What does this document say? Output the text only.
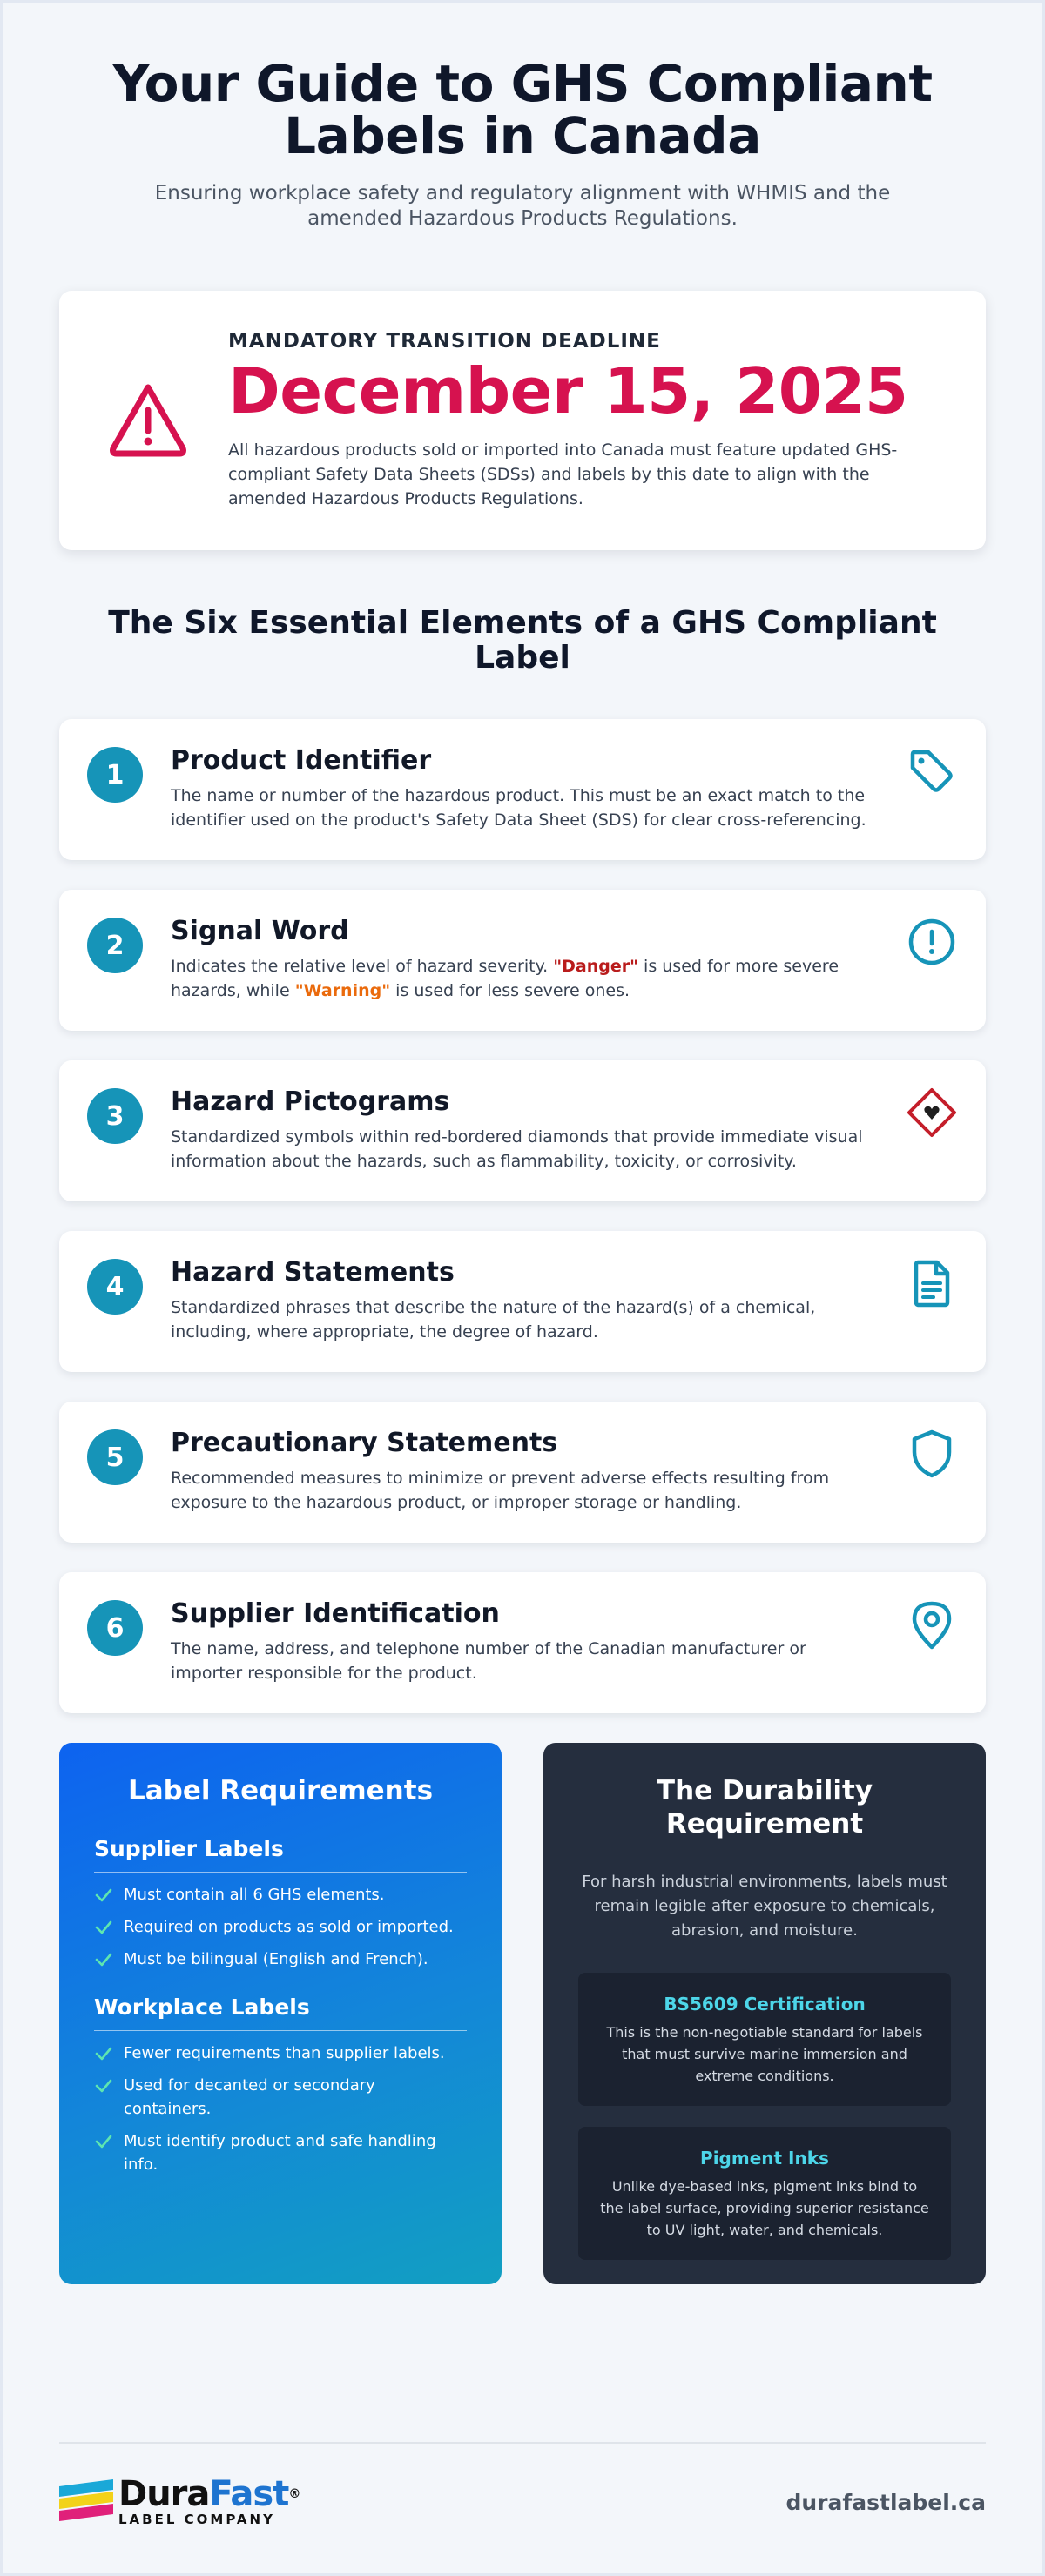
Your Guide to GHS Compliant Labels in Canada

Ensuring workplace safety and regulatory alignment with WHMIS and the amended Hazardous Products Regulations.

MANDATORY TRANSITION DEADLINE
December 15, 2025

All hazardous products sold or imported into Canada must feature updated GHS-compliant Safety Data Sheets (SDSs) and labels by this date to align with the amended Hazardous Products Regulations.

The Six Essential Elements of a GHS Compliant Label
1	Product Identifier

The name or number of the hazardous product. This must be an exact match to the identifier used on the product's Safety Data Sheet (SDS) for clear cross-referencing.

2	Signal Word

Indicates the relative level of hazard severity. "Danger" is used for more severe hazards, while "Warning" is used for less severe ones.

3	Hazard Pictograms

Standardized symbols within red-bordered diamonds that provide immediate visual information about the hazards, such as flammability, toxicity, or corrosivity.

4	Hazard Statements

Standardized phrases that describe the nature of the hazard(s) of a chemical, including, where appropriate, the degree of hazard.

5	Precautionary Statements

Recommended measures to minimize or prevent adverse effects resulting from exposure to the hazardous product, or improper storage or handling.

6	Supplier Identification

The name, address, and telephone number of the Canadian manufacturer or importer responsible for the product.

Label Requirements
Supplier Labels
Must contain all 6 GHS elements.
Required on products as sold or imported.
Must be bilingual (English and French).
Workplace Labels
Fewer requirements than supplier labels.
Used for decanted or secondary containers.
Must identify product and safe handling info.
The Durability Requirement

For harsh industrial environments, labels must remain legible after exposure to chemicals, abrasion, and moisture.

BS5609 Certification

This is the non-negotiable standard for labels that must survive marine immersion and extreme conditions.

Pigment Inks

Unlike dye-based inks, pigment inks bind to the label surface, providing superior resistance to UV light, water, and chemicals.

DuraFast®
LABEL COMPANY
durafastlabel.ca
